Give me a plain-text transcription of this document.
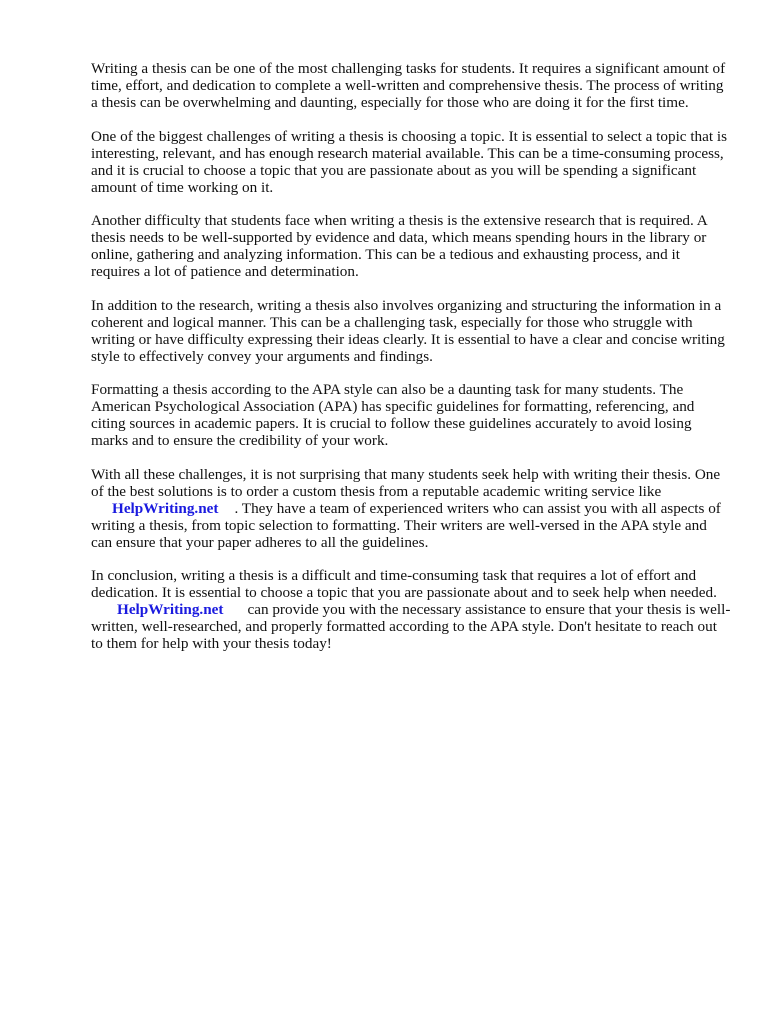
Writing a thesis can be one of the most challenging tasks for students. It requires a significant amount of time, effort, and dedication to complete a well-written and comprehensive thesis. The process of writing a thesis can be overwhelming and daunting, especially for those who are doing it for the first time.

One of the biggest challenges of writing a thesis is choosing a topic. It is essential to select a topic that is interesting, relevant, and has enough research material available. This can be a time-consuming process, and it is crucial to choose a topic that you are passionate about as you will be spending a significant amount of time working on it.

Another difficulty that students face when writing a thesis is the extensive research that is required. A thesis needs to be well-supported by evidence and data, which means spending hours in the library or online, gathering and analyzing information. This can be a tedious and exhausting process, and it requires a lot of patience and determination.

In addition to the research, writing a thesis also involves organizing and structuring the information in a coherent and logical manner. This can be a challenging task, especially for those who struggle with writing or have difficulty expressing their ideas clearly. It is essential to have a clear and concise writing style to effectively convey your arguments and findings.

Formatting a thesis according to the APA style can also be a daunting task for many students. The American Psychological Association (APA) has specific guidelines for formatting, referencing, and citing sources in academic papers. It is crucial to follow these guidelines accurately to avoid losing marks and to ensure the credibility of your work.

With all these challenges, it is not surprising that many students seek help with writing their thesis. One of the best solutions is to order a custom thesis from a reputable academic writing service like
HelpWriting.net . They have a team of experienced writers who can assist you with all aspects of writing a thesis, from topic selection to formatting. Their writers are well-versed in the APA style and can ensure that your paper adheres to all the guidelines.

In conclusion, writing a thesis is a difficult and time-consuming task that requires a lot of effort and dedication. It is essential to choose a topic that you are passionate about and to seek help when needed.HelpWriting.net can provide you with the necessary assistance to ensure that your thesis is well-written, well-researched, and properly formatted according to the APA style. Don't hesitate to reach out to them for help with your thesis today!
